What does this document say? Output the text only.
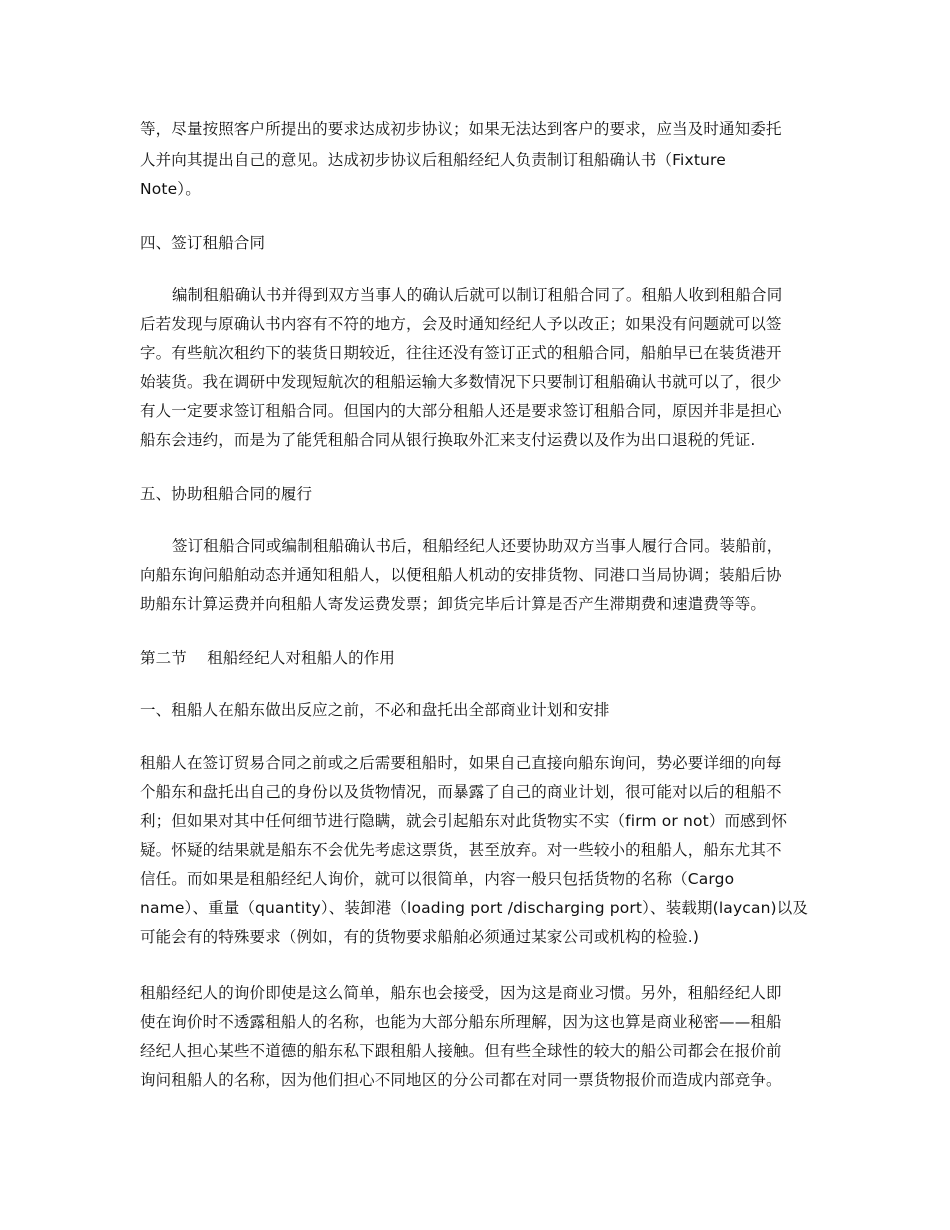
等，尽量按照客户所提出的要求达成初步协议；如果无法达到客户的要求，应当及时通知委托
人并向其提出自己的意见。达成初步协议后租船经纪人负责制订租船确认书（Fixture
Note）。
四、签订租船合同
编制租船确认书并得到双方当事人的确认后就可以制订租船合同了。租船人收到租船合同
后若发现与原确认书内容有不符的地方，会及时通知经纪人予以改正；如果没有问题就可以签
字。有些航次租约下的装货日期较近，往往还没有签订正式的租船合同，船舶早已在装货港开
始装货。我在调研中发现短航次的租船运输大多数情况下只要制订租船确认书就可以了，很少
有人一定要求签订租船合同。但国内的大部分租船人还是要求签订租船合同，原因并非是担心
船东会违约，而是为了能凭租船合同从银行换取外汇来支付运费以及作为出口退税的凭证.
五、协助租船合同的履行
签订租船合同或编制租船确认书后，租船经纪人还要协助双方当事人履行合同。装船前，
向船东询问船舶动态并通知租船人，以便租船人机动的安排货物、同港口当局协调；装船后协
助船东计算运费并向租船人寄发运费发票；卸货完毕后计算是否产生滞期费和速遣费等等。
第二节    租船经纪人对租船人的作用
一、租船人在船东做出反应之前，不必和盘托出全部商业计划和安排
租船人在签订贸易合同之前或之后需要租船时，如果自己直接向船东询问，势必要详细的向每
个船东和盘托出自己的身份以及货物情况，而暴露了自己的商业计划，很可能对以后的租船不
利；但如果对其中任何细节进行隐瞒，就会引起船东对此货物实不实（firm or not）而感到怀
疑。怀疑的结果就是船东不会优先考虑这票货，甚至放弃。对一些较小的租船人，船东尤其不
信任。而如果是租船经纪人询价，就可以很简单，内容一般只包括货物的名称（Cargo
name）、重量（quantity）、装卸港（loading port /discharging port）、装载期(laycan)以及
可能会有的特殊要求（例如，有的货物要求船舶必须通过某家公司或机构的检验.)
租船经纪人的询价即使是这么简单，船东也会接受，因为这是商业习惯。另外，租船经纪人即
使在询价时不透露租船人的名称，也能为大部分船东所理解，因为这也算是商业秘密——租船
经纪人担心某些不道德的船东私下跟租船人接触。但有些全球性的较大的船公司都会在报价前
询问租船人的名称，因为他们担心不同地区的分公司都在对同一票货物报价而造成内部竞争。
